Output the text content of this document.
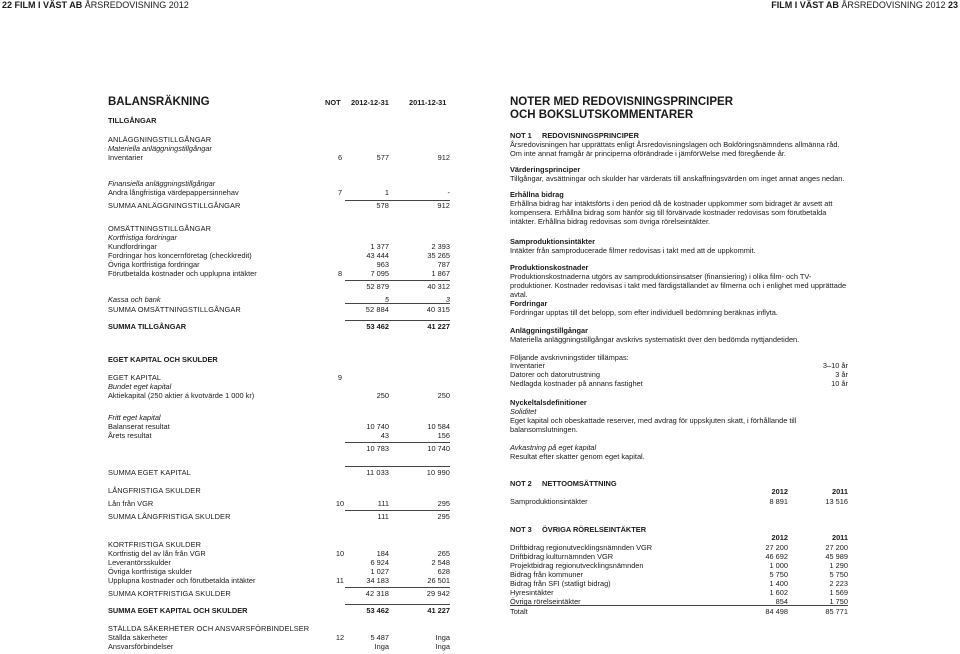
22 FILM I VÄST AB ÅRSREDOVISNING 2012	FILM I VÄST AB ÅRSREDOVISNING 2012 23
BALANSRÄKNING	NOT 2012-12-31	2011-12-31
TILLGÅNGAR
ANLÄGGNINGSTILLGÅNGAR
Materiella anläggningstillgångar
Inventarier	6	577	912
Finansiella anläggningstillgångar
Andra långfristiga värdepappersinnehav	7	1	-
SUMMA ANLÄGGNINGSTILLGÅNGAR	578	912
OMSÄTTNINGSTILLGÅNGAR
Kortfristiga fordringar
Kundfordringar	1 377	2 393
Fordringar hos koncernföretag (checkkredit)	43 444	35 265
Övriga kortfristiga fordringar	963	787
Förutbetalda kostnader och upplupna intäkter	8	7 095	1 867
52 879	40 312
Kassa och bank	5	3
SUMMA OMSÄTTNINGSTILLGÅNGAR	52 884	40 315
SUMMA TILLGÅNGAR	53 462	41 227
EGET KAPITAL OCH SKULDER
EGET KAPITAL	9
Bundet eget kapital
Aktiekapital (250 aktier á kvotvärde 1 000 kr)	250	250
Fritt eget kapital
Balanserat resultat	10 740	10 584
Årets resultat	43	156
10 783	10 740
SUMMA EGET KAPITAL	11 033	10 990
LÅNGFRISTIGA SKULDER
Lån från VGR	10	111	295
SUMMA LÅNGFRISTIGA SKULDER	111	295
KORTFRISTIGA SKULDER
Kortfristig del av lån från VGR	10	184	265
Leverantörsskulder	6 924	2 548
Övriga kortfristiga skulder	1 027	628
Upplupna kostnader och förutbetalda intäkter	11	34 183	26 501
SUMMA KORTFRISTIGA SKULDER	42 318	29 942
SUMMA EGET KAPITAL OCH SKULDER	53 462	41 227
STÄLLDA SÄKERHETER OCH ANSVARSFÖRBINDELSER
Ställda säkerheter	12	5 487	Inga
Ansvarsförbindelser	Inga	Inga
NOTER MED REDOVISNINGSPRINCIPER
OCH BOKSLUTSKOMMENTARER
NOT 1     REDOVISNINGSPRINCIPER
Årsredovisningen har upprättats enligt Årsredovisningslagen och Bokföringsnämndens allmänna råd. Om inte annat framgår är principerna oförändrade i jämförWelse med föregående år.
Värderingsprinciper
Tillgångar, avsättningar och skulder har värderats till anskaffningsvärden om inget annat anges nedan.
Erhållna bidrag
Erhållna bidrag har intäktsförts i den period då de kostnader uppkommer som bidraget är avsett att kompensera. Erhållna bidrag som hänför sig till förvärvade kostnader redovisas som förutbetalda intäkter. Erhållna bidrag redovisas som övriga rörelseintäkter.
Samproduktionsintäkter
Intäkter från samproducerade filmer redovisas i takt med att de uppkommit.
Produktionskostnader
Produktionskostnaderna utgörs av samproduktionsinsatser (finansiering) i olika film- och TV-produktioner. Kostnader redovisas i takt med färdigställandet av filmerna och i enlighet med upprättade avtal.
Fordringar
Fordringar upptas till det belopp, som efter individuell bedömning beräknas inflyta.
Anläggningstillgångar
Materiella anläggningstillgångar avskrivs systematiskt över den bedömda nyttjandetiden.
Följande avskrivningstider tillämpas:
Inventarier	3–10 år
Datorer och datorutrustning	3 år
Nedlagda kostnader på annans fastighet	10 år
Nyckeltalsdefinitioner
Soliditet
Eget kapital och obeskattade reserver, med avdrag för uppskjuten skatt, i förhållande till balansomslutningen.
Avkastning på eget kapital
Resultat efter skatter genom eget kapital.
NOT 2     NETTOOMSÄTTNING
2012	2011
Samproduktionsintäkter	8 891	13 516
NOT 3     ÖVRIGA RÖRELSEINTÄKTER
2012	2011
Driftbidrag regionutvecklingsnämnden VGR	27 200	27 200
Driftbidrag kulturnämnden VGR	46 692	45 989
Projektbidrag regionutvecklingsnämnden	1 000	1 290
Bidrag från kommuner	5 750	5 750
Bidrag från SFI (statligt bidrag)	1 400	2 223
Hyresintäkter	1 602	1 569
Övriga rörelseintäkter	854	1 750
Totalt	84 498	85 771
